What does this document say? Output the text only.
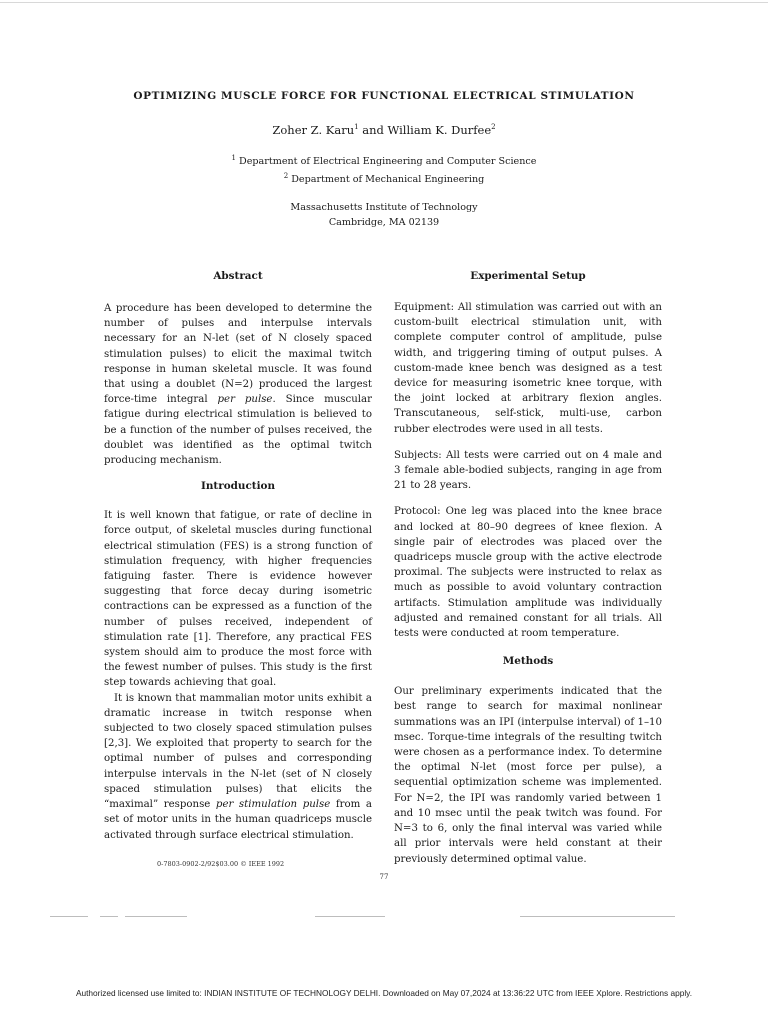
OPTIMIZING MUSCLE FORCE FOR FUNCTIONAL ELECTRICAL STIMULATION
Zoher Z. Karu$^1$ and William K. Durfee$^2$
$^1$ Department of Electrical Engineering and Computer Science
$^2$ Department of Mechanical Engineering
Massachusetts Institute of Technology
Cambridge, MA 02139
Abstract

A procedure has been developed to determine the number of pulses and interpulse intervals necessary for an N-let (set of N closely spaced stimulation pulses) to elicit the maximal twitch response in human skeletal muscle. It was found that using a doublet (N=2) produced the largest force-time integral per pulse. Since muscular fatigue during electrical stimulation is believed to be a function of the number of pulses received, the doublet was identified as the optimal twitch producing mechanism.

Introduction

It is well known that fatigue, or rate of decline in force output, of skeletal muscles during functional electrical stimulation (FES) is a strong function of stimulation frequency, with higher frequencies fatiguing faster. There is evidence however suggesting that force decay during isometric contractions can be expressed as a function of the number of pulses received, independent of stimulation rate [1]. Therefore, any practical FES system should aim to produce the most force with the fewest number of pulses. This study is the first step towards achieving that goal.

It is known that mammalian motor units exhibit a dramatic increase in twitch response when subjected to two closely spaced stimulation pulses [2,3]. We exploited that property to search for the optimal number of pulses and corresponding interpulse intervals in the N-let (set of N closely spaced stimulation pulses) that elicits the “maximal” response per stimulation pulse from a set of motor units in the human quadriceps muscle activated through surface electrical stimulation.

Experimental Setup

Equipment: All stimulation was carried out with an custom-built electrical stimulation unit, with complete computer control of amplitude, pulse width, and triggering timing of output pulses. A custom-made knee bench was designed as a test device for measuring isometric knee torque, with the joint locked at arbitrary flexion angles. Transcutaneous, self-stick, multi-use, carbon rubber electrodes were used in all tests.

Subjects: All tests were carried out on 4 male and 3 female able-bodied subjects, ranging in age from 21 to 28 years.

Protocol: One leg was placed into the knee brace and locked at 80–90 degrees of knee flexion. A single pair of electrodes was placed over the quadriceps muscle group with the active electrode proximal. The subjects were instructed to relax as much as possible to avoid voluntary contraction artifacts. Stimulation amplitude was individually adjusted and remained constant for all trials. All tests were conducted at room temperature.

Methods

Our preliminary experiments indicated that the best range to search for maximal nonlinear summations was an IPI (interpulse interval) of 1–10 msec. Torque-time integrals of the resulting twitch were chosen as a performance index. To determine the optimal N-let (most force per pulse), a sequential optimization scheme was implemented. For N=2, the IPI was randomly varied between 1 and 10 msec until the peak twitch was found. For N=3 to 6, only the final interval was varied while all prior intervals were held constant at their previously determined optimal value.

0-7803-0902-2/92$03.00 © IEEE 1992
77
Authorized licensed use limited to: INDIAN INSTITUTE OF TECHNOLOGY DELHI. Downloaded on May 07,2024 at 13:36:22 UTC from IEEE Xplore. Restrictions apply.
